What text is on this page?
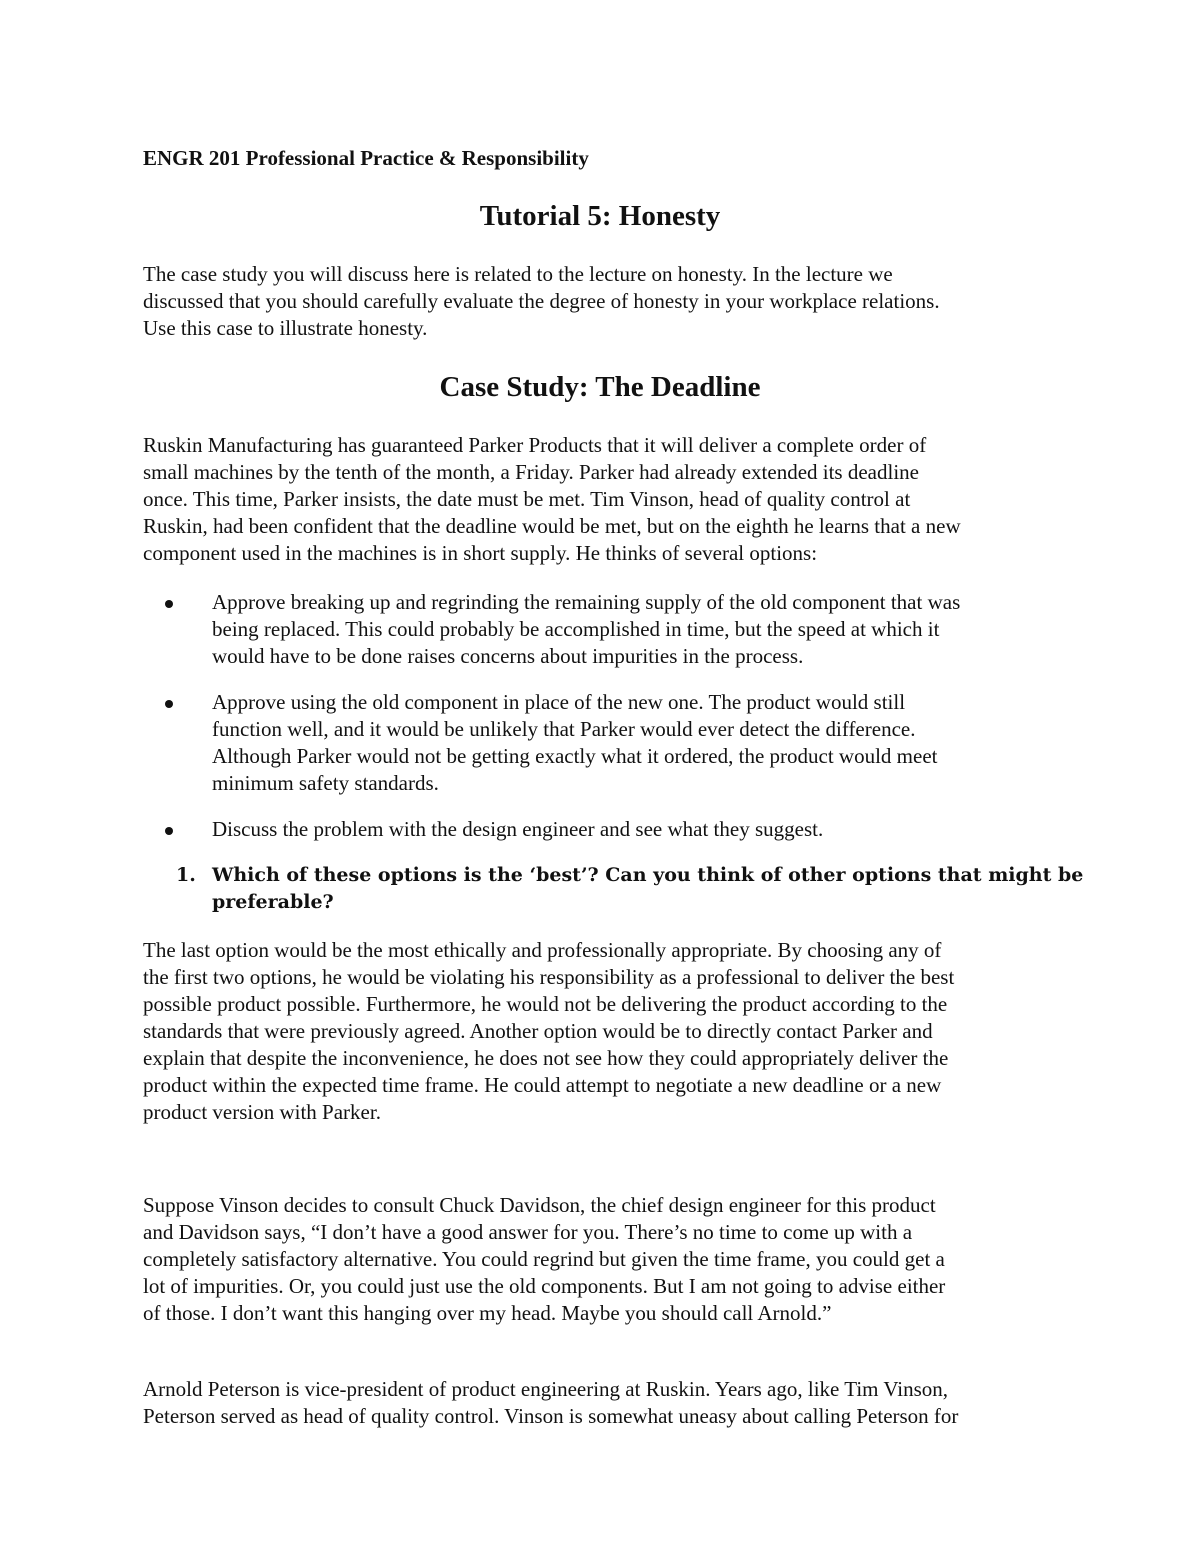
ENGR 201 Professional Practice & Responsibility
Tutorial 5: Honesty
The case study you will discuss here is related to the lecture on honesty. In the lecture we
discussed that you should carefully evaluate the degree of honesty in your workplace relations.
Use this case to illustrate honesty.
Case Study: The Deadline
Ruskin Manufacturing has guaranteed Parker Products that it will deliver a complete order of
small machines by the tenth of the month, a Friday. Parker had already extended its deadline
once. This time, Parker insists, the date must be met. Tim Vinson, head of quality control at
Ruskin, had been confident that the deadline would be met, but on the eighth he learns that a new
component used in the machines is in short supply. He thinks of several options:
Approve breaking up and regrinding the remaining supply of the old component that was
being replaced. This could probably be accomplished in time, but the speed at which it
would have to be done raises concerns about impurities in the process.
Approve using the old component in place of the new one. The product would still
function well, and it would be unlikely that Parker would ever detect the difference.
Although Parker would not be getting exactly what it ordered, the product would meet
minimum safety standards.
Discuss the problem with the design engineer and see what they suggest.
1. Which of these options is the ‘best’? Can you think of other options that might be
preferable?
The last option would be the most ethically and professionally appropriate. By choosing any of
the first two options, he would be violating his responsibility as a professional to deliver the best
possible product possible. Furthermore, he would not be delivering the product according to the
standards that were previously agreed. Another option would be to directly contact Parker and
explain that despite the inconvenience, he does not see how they could appropriately deliver the
product within the expected time frame. He could attempt to negotiate a new deadline or a new
product version with Parker.
Suppose Vinson decides to consult Chuck Davidson, the chief design engineer for this product
and Davidson says, “I don’t have a good answer for you. There’s no time to come up with a
completely satisfactory alternative. You could regrind but given the time frame, you could get a
lot of impurities. Or, you could just use the old components. But I am not going to advise either
of those. I don’t want this hanging over my head. Maybe you should call Arnold.”
Arnold Peterson is vice-president of product engineering at Ruskin. Years ago, like Tim Vinson,
Peterson served as head of quality control. Vinson is somewhat uneasy about calling Peterson for
